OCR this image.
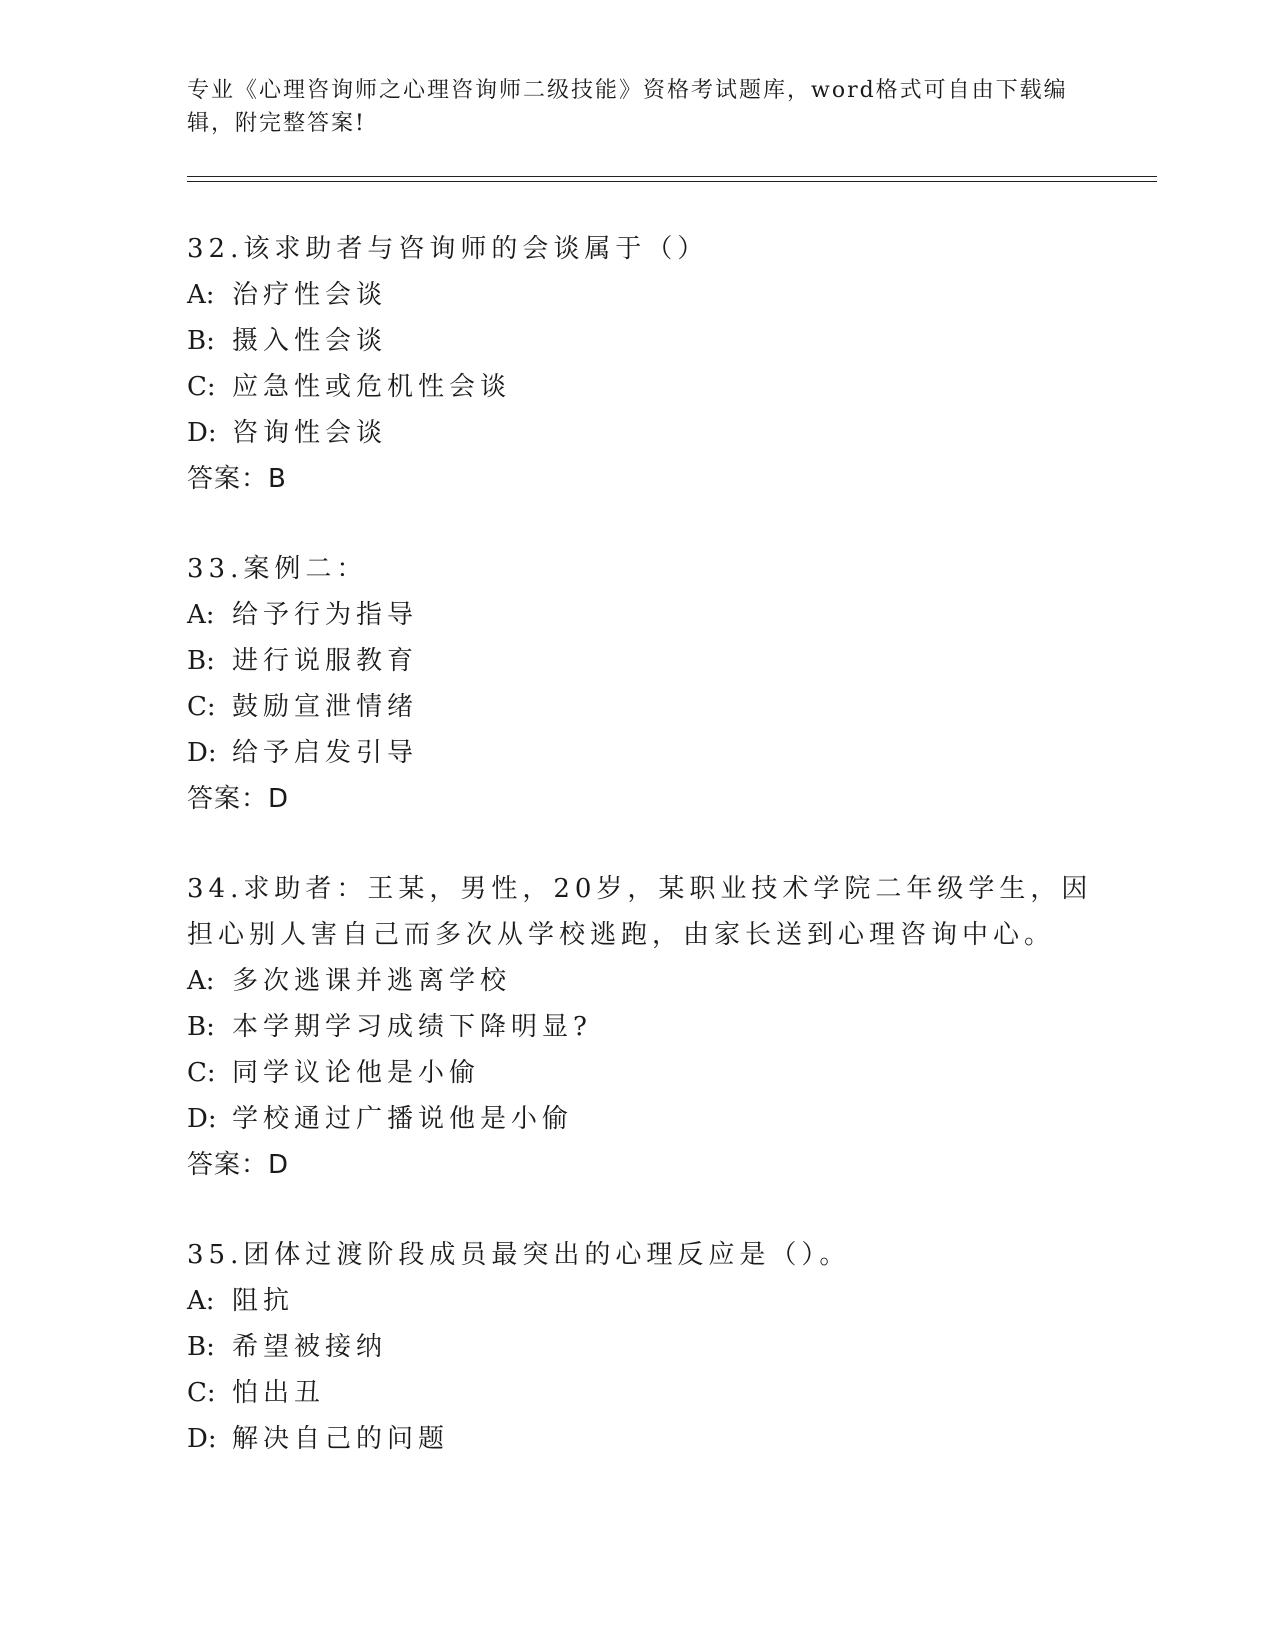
专业《心理咨询师之心理咨询师二级技能》资格考试题库，word格式可自由下载编辑，附完整答案!
32.该求助者与咨询师的会谈属于（）
A: 治疗性会谈
B: 摄入性会谈
C: 应急性或危机性会谈
D: 咨询性会谈
答案：B
33.案例二：
A: 给予行为指导
B: 进行说服教育
C: 鼓励宣泄情绪
D: 给予启发引导
答案：D
34.求助者：王某，男性，20岁，某职业技术学院二年级学生，因担心别人害自己而多次从学校逃跑，由家长送到心理咨询中心。
A: 多次逃课并逃离学校
B: 本学期学习成绩下降明显?
C: 同学议论他是小偷
D: 学校通过广播说他是小偷
答案：D
35.团体过渡阶段成员最突出的心理反应是（）。
A: 阻抗
B: 希望被接纳
C: 怕出丑
D: 解决自己的问题
